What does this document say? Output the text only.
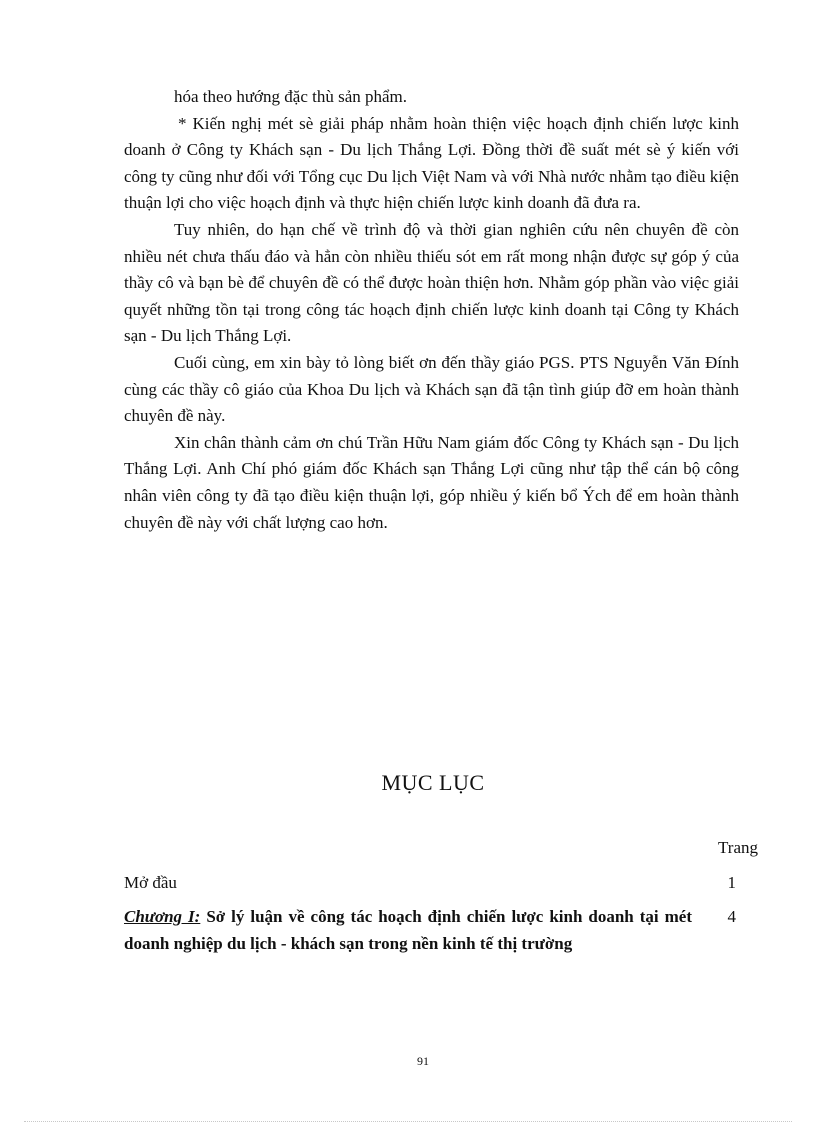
hóa theo hướng đặc thù sản phẩm.

* Kiến nghị mét sè giải pháp nhằm hoàn thiện việc hoạch định chiến lược kinh doanh ở Công ty Khách sạn - Du lịch Thắng Lợi. Đồng thời đề suất mét sè ý kiến với công ty cũng như đối với Tổng cục Du lịch Việt Nam và với Nhà nước nhằm tạo điều kiện thuận lợi cho việc hoạch định và thực hiện chiến lược kinh doanh đã đưa ra.

Tuy nhiên, do hạn chế về trình độ và thời gian nghiên cứu nên chuyên đề còn nhiều nét chưa thấu đáo và hẳn còn nhiều thiếu sót em rất mong nhận được sự góp ý của thầy cô và bạn bè để chuyên đề có thể được hoàn thiện hơn. Nhằm góp phần vào việc giải quyết những tồn tại trong công tác hoạch định chiến lược kinh doanh tại Công ty Khách sạn - Du lịch Thắng Lợi.

Cuối cùng, em xin bày tỏ lòng biết ơn đến thầy giáo PGS. PTS Nguyễn Văn Đính cùng các thầy cô giáo của Khoa Du lịch và Khách sạn đã tận tình giúp đỡ em hoàn thành chuyên đề này.

Xin chân thành cảm ơn chú Trần Hữu Nam giám đốc Công ty Khách sạn - Du lịch Thắng Lợi. Anh Chí phó giám đốc Khách sạn Thắng Lợi cũng như tập thể cán bộ công nhân viên công ty đã tạo điều kiện thuận lợi, góp nhiều ý kiến bổ Ých để em hoàn thành chuyên đề này với chất lượng cao hơn.

MỤC LỤC
Trang
Mở đầu	1
Chương I: Sở lý luận về công tác hoạch định chiến lược kinh doanh tại mét doanh nghiệp du lịch - khách sạn trong nền kinh tế thị trường
4
91
